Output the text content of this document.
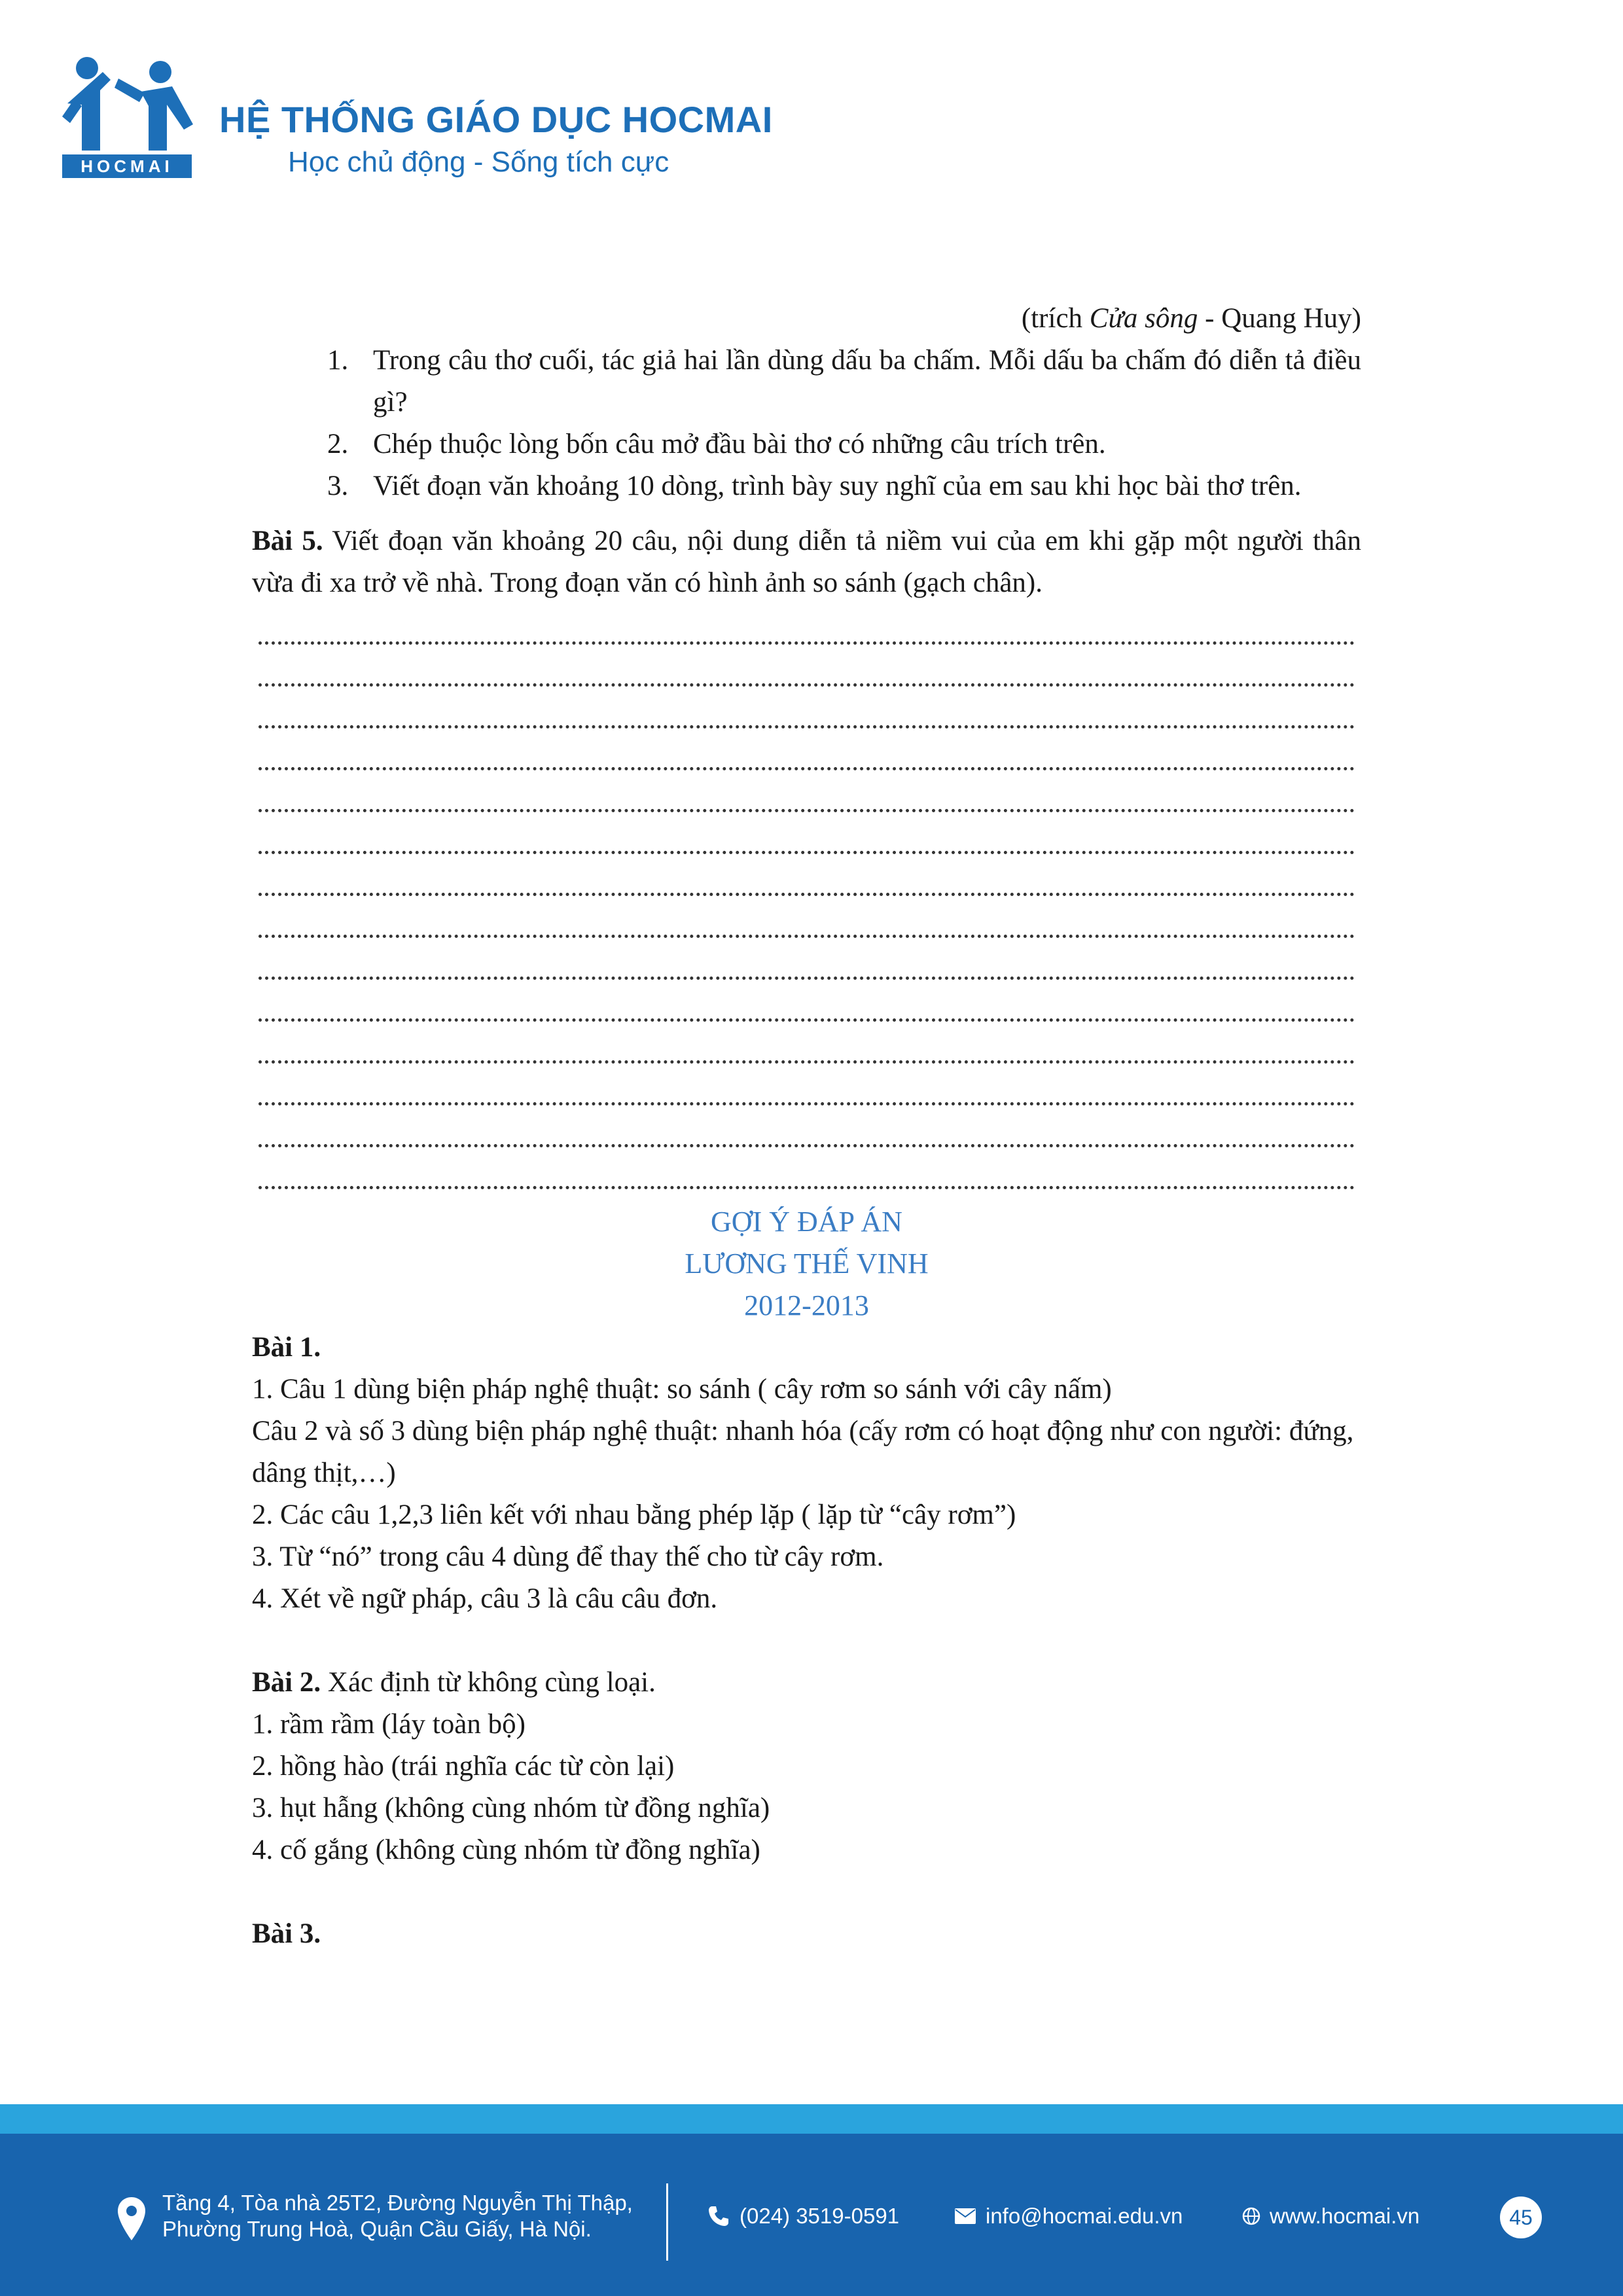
HOCMAI
HỆ THỐNG GIÁO DỤC HOCMAI
Học chủ động - Sống tích cực
(trích Cửa sông - Quang Huy)
1. Trong câu thơ cuối, tác giả hai lần dùng dấu ba chấm. Mỗi dấu ba chấm đó diễn tả điều gì?
2. Chép thuộc lòng bốn câu mở đầu bài thơ có những câu trích trên.
3. Viết đoạn văn khoảng 10 dòng, trình bày suy nghĩ của em sau khi học bài thơ trên.
Bài 5. Viết đoạn văn khoảng 20 câu, nội dung diễn tả niềm vui của em khi gặp một người thân vừa đi xa trở về nhà. Trong đoạn văn có hình ảnh so sánh (gạch chân).
GỢI Ý ĐÁP ÁN
LƯƠNG THẾ VINH
2012-2013
Bài 1.
1. Câu 1 dùng biện pháp nghệ thuật: so sánh ( cây rơm so sánh với cây nấm)
Câu 2 và số 3 dùng biện pháp nghệ thuật: nhanh hóa (cấy rơm có hoạt động như con người: đứng, dâng thịt,…)
2. Các câu 1,2,3 liên kết với nhau bằng phép lặp ( lặp từ “cây rơm”)
3. Từ “nó” trong câu 4 dùng để thay thế cho từ cây rơm.
4. Xét về ngữ pháp, câu 3 là câu câu đơn.
Bài 2. Xác định từ không cùng loại.
1. rầm rầm (láy toàn bộ)
2. hồng hào (trái nghĩa các từ còn lại)
3. hụt hẫng (không cùng nhóm từ đồng nghĩa)
4. cố gắng (không cùng nhóm từ đồng nghĩa)
Bài 3.
Tầng 4, Tòa nhà 25T2, Đường Nguyễn Thị Thập,
Phường Trung Hoà, Quận Cầu Giấy, Hà Nội.
(024) 3519-0591	info@hocmai.edu.vn	www.hocmai.vn	45
